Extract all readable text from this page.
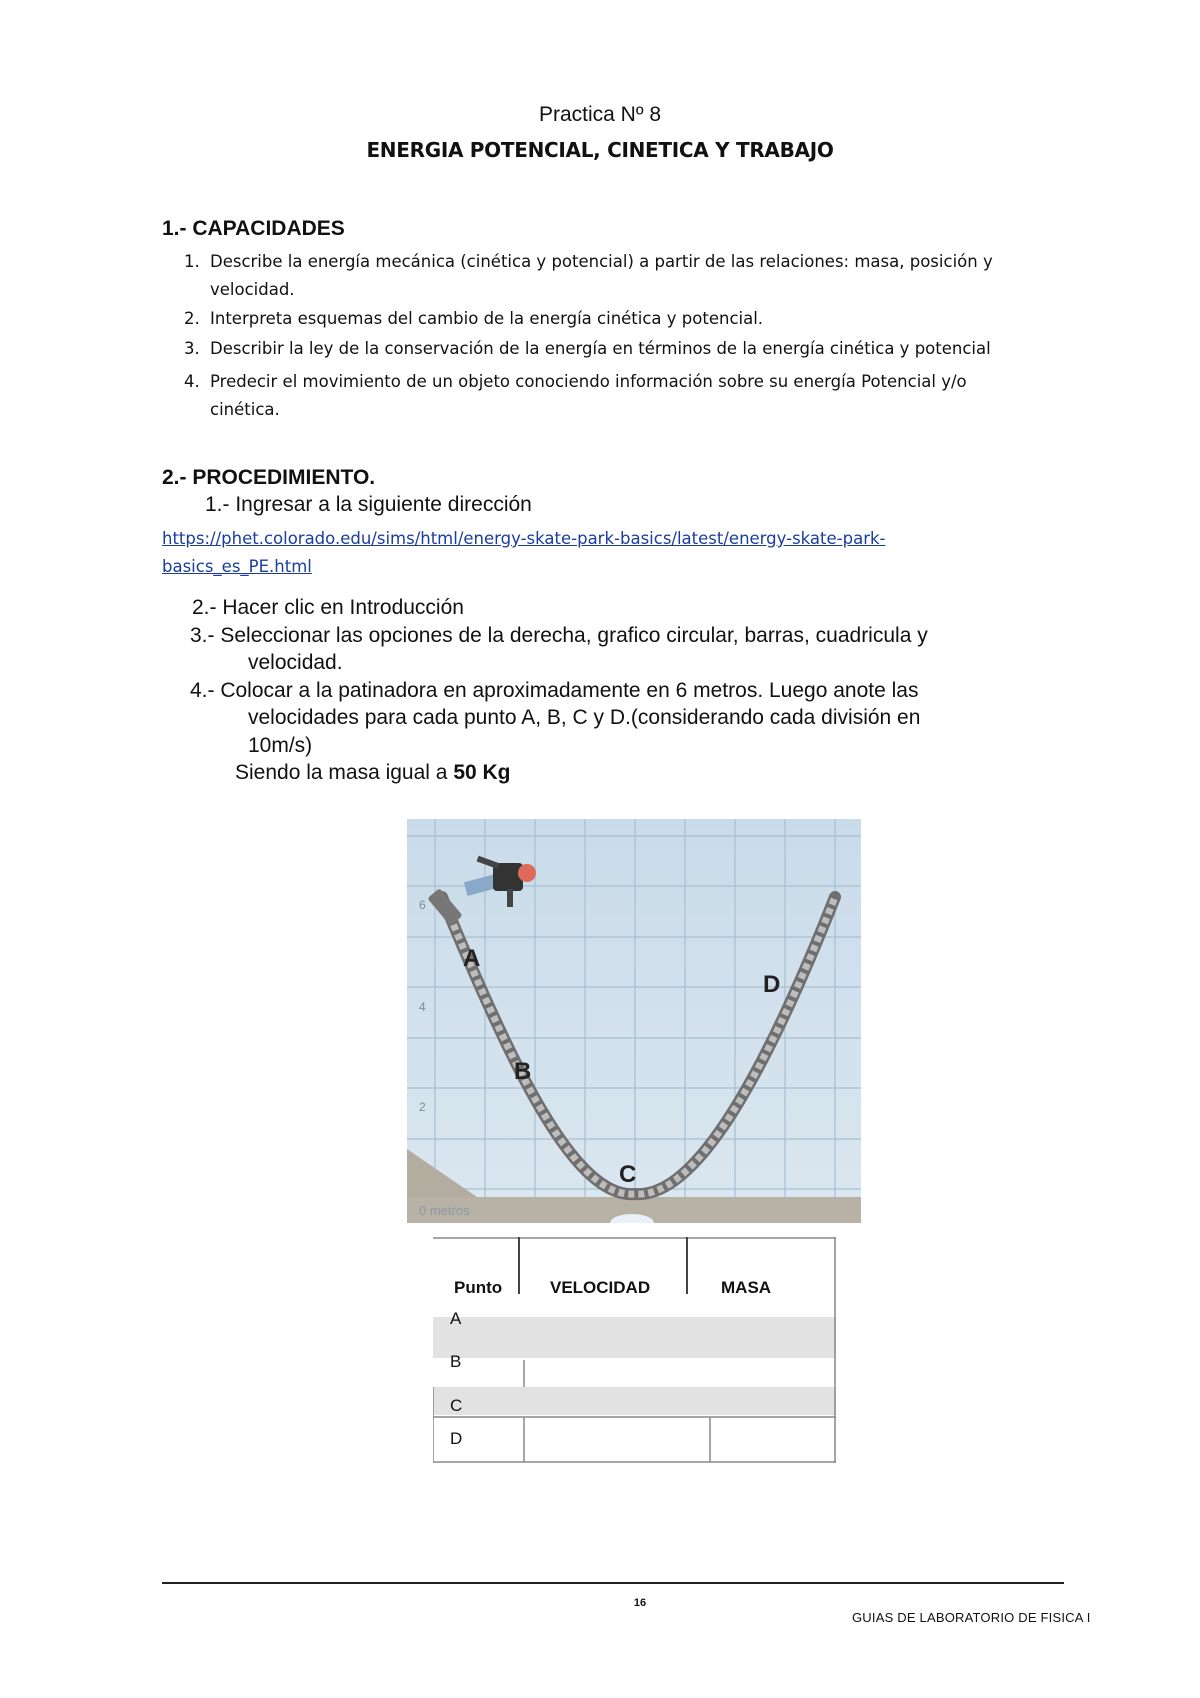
Practica Nº 8
ENERGIA POTENCIAL, CINETICA Y TRABAJO
1.- CAPACIDADES
1. Describe la energía mecánica (cinética y potencial) a partir de las relaciones: masa, posición y
velocidad.
2. Interpreta esquemas del cambio de la energía cinética y potencial.
3. Describir la ley de la conservación de la energía en términos de la energía cinética y potencial
4. Predecir el movimiento de un objeto conociendo información sobre su energía Potencial y/o
cinética.
2.- PROCEDIMIENTO.
1.- Ingresar a la siguiente dirección
https://phet.colorado.edu/sims/html/energy-skate-park-basics/latest/energy-skate-park-
basics_es_PE.html
2.- Hacer clic en Introducción
3.- Seleccionar las opciones de la derecha, grafico circular, barras, cuadricula y
velocidad.
4.- Colocar a la patinadora en aproximadamente en 6 metros. Luego anote las
velocidades para cada punto A, B, C y D.(considerando cada división en
10m/s)
Siendo la masa igual a 50 Kg
6
4
2
0 metros
A
B
C
D
Punto	VELOCIDAD	MASA
A
B
C
D
16
GUIAS DE LABORATORIO DE FISICA I
